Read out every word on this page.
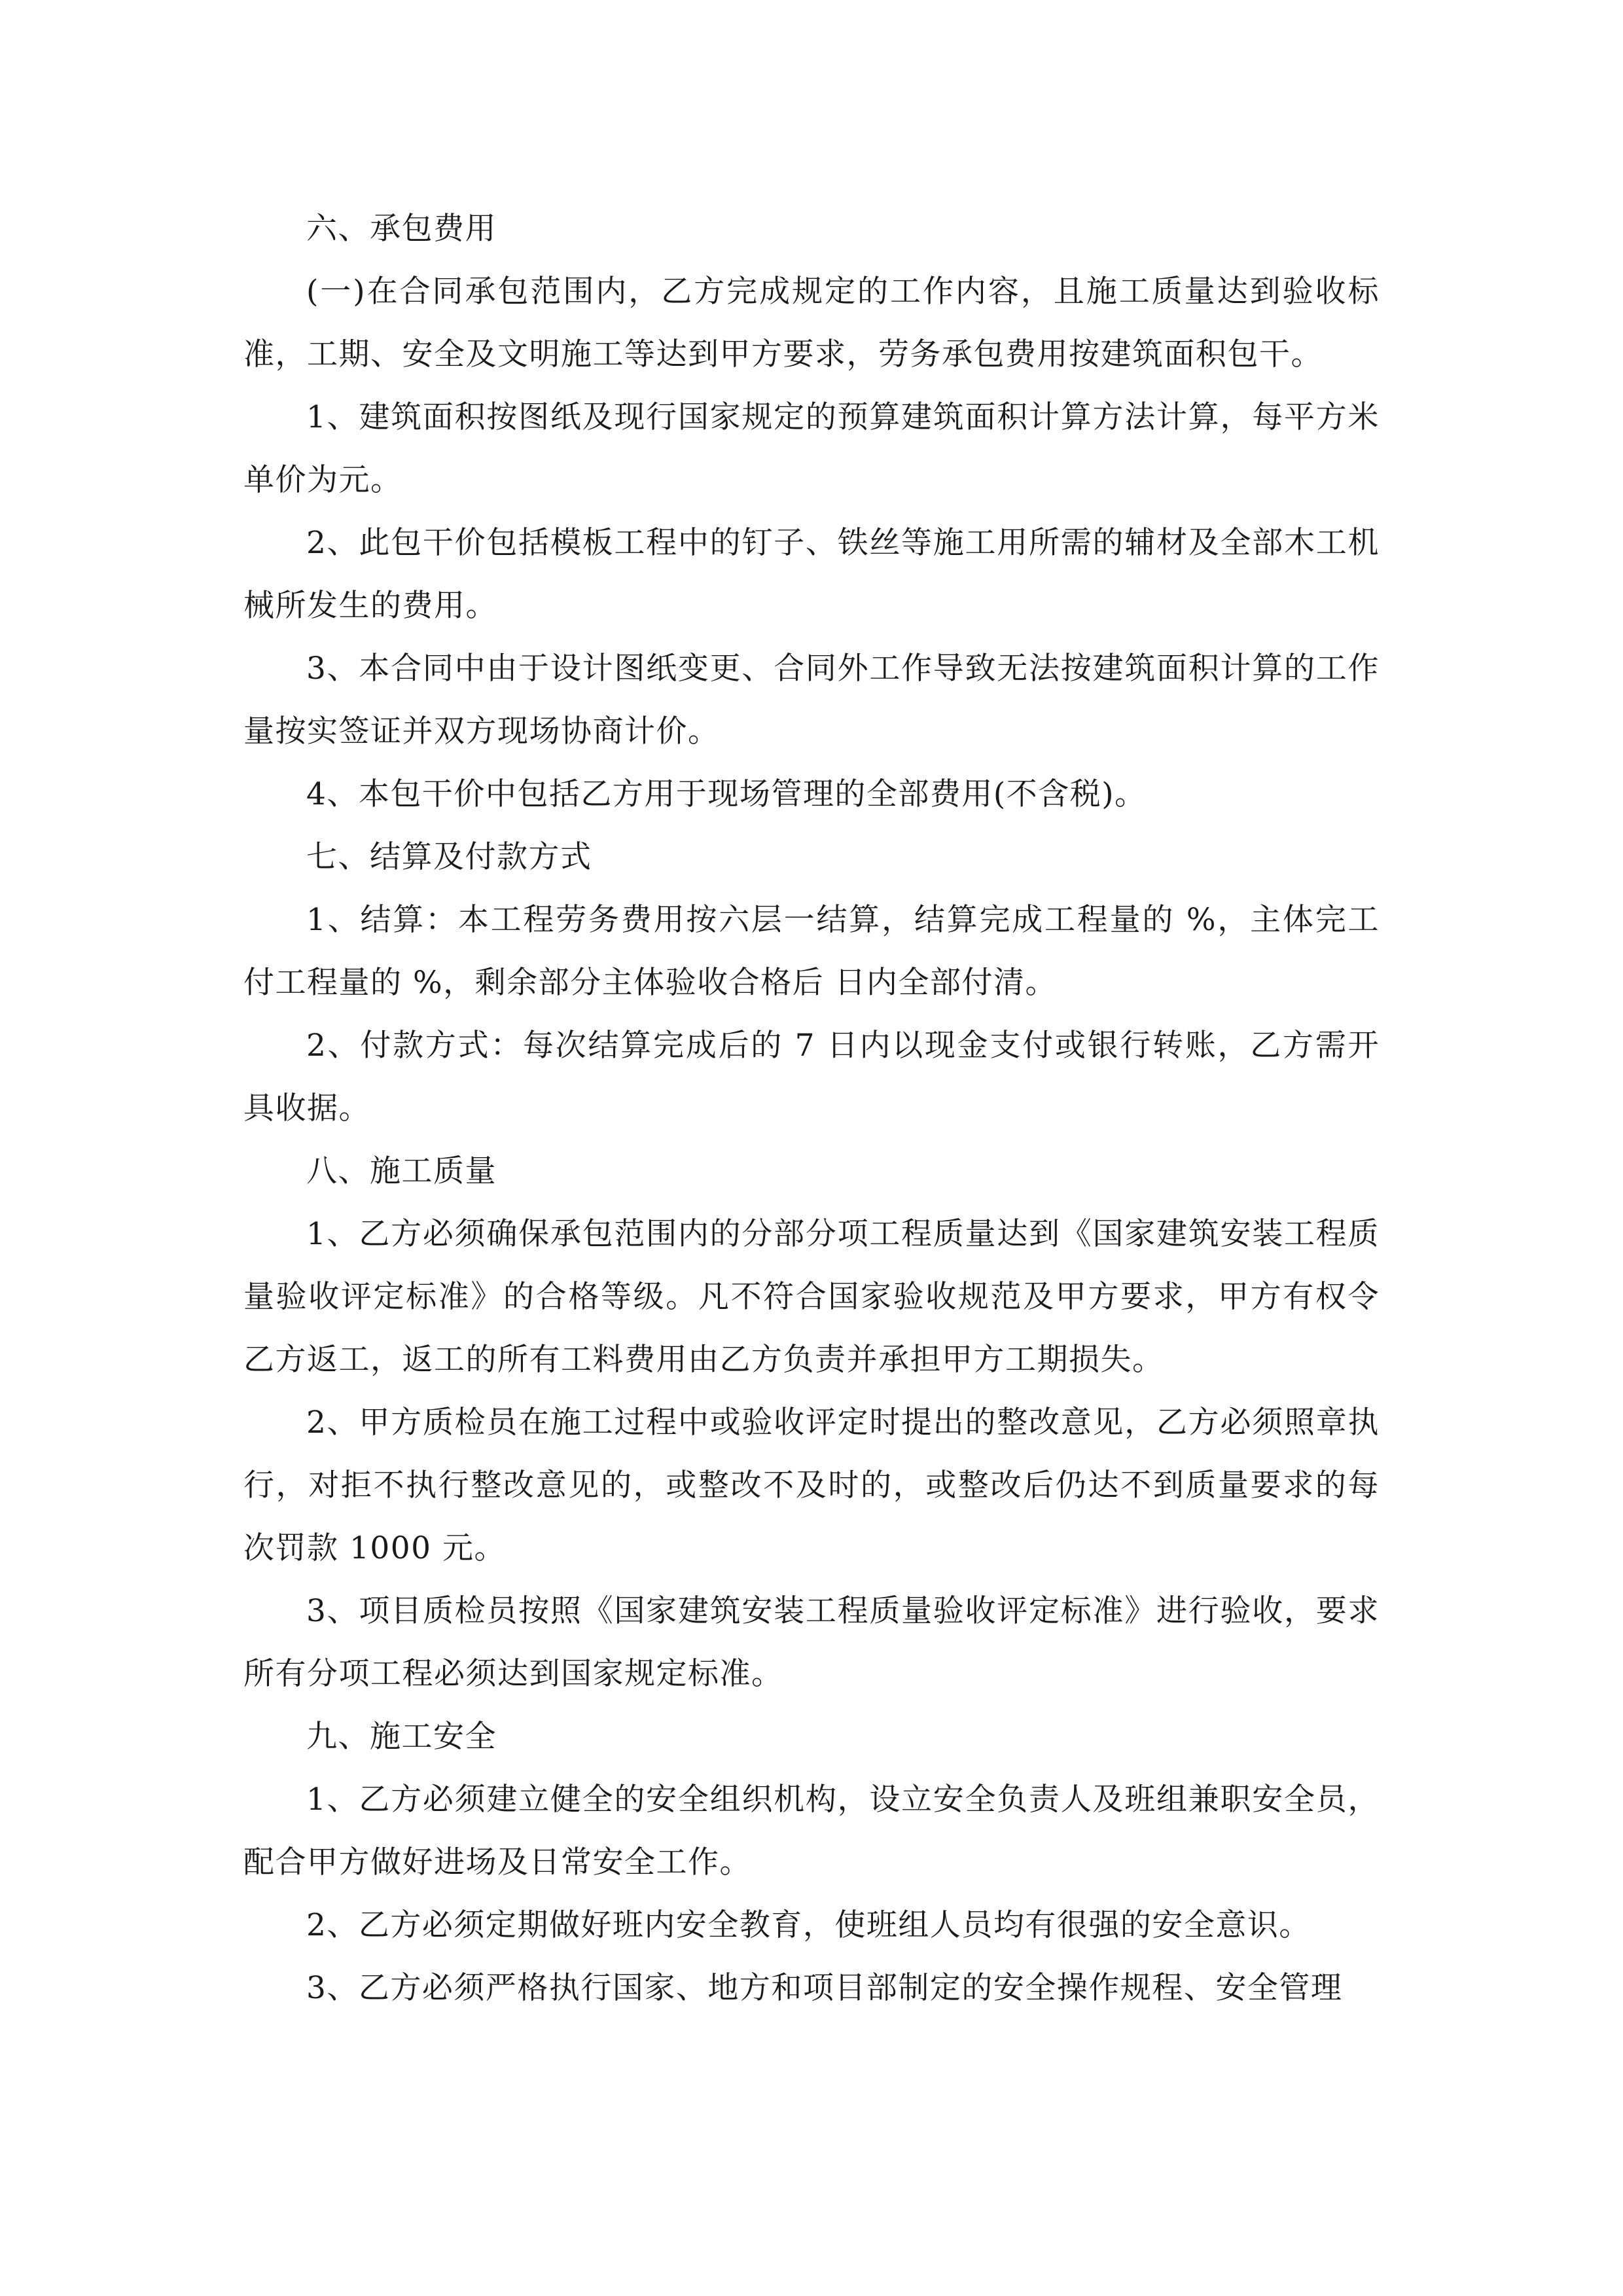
六、承包费用

(一)在合同承包范围内，乙方完成规定的工作内容，且施工质量达到验收标准，工期、安全及文明施工等达到甲方要求，劳务承包费用按建筑面积包干。

1、建筑面积按图纸及现行国家规定的预算建筑面积计算方法计算，每平方米单价为元。

2、此包干价包括模板工程中的钉子、铁丝等施工用所需的辅材及全部木工机械所发生的费用。

3、本合同中由于设计图纸变更、合同外工作导致无法按建筑面积计算的工作量按实签证并双方现场协商计价。

4、本包干价中包括乙方用于现场管理的全部费用(不含税)。

七、结算及付款方式

1、结算：本工程劳务费用按六层一结算，结算完成工程量的 %，主体完工付工程量的 %，剩余部分主体验收合格后 日内全部付清。

2、付款方式：每次结算完成后的 7 日内以现金支付或银行转账，乙方需开具收据。

八、施工质量

1、乙方必须确保承包范围内的分部分项工程质量达到《国家建筑安装工程质量验收评定标准》的合格等级。凡不符合国家验收规范及甲方要求，甲方有权令乙方返工，返工的所有工料费用由乙方负责并承担甲方工期损失。

2、甲方质检员在施工过程中或验收评定时提出的整改意见，乙方必须照章执行，对拒不执行整改意见的，或整改不及时的，或整改后仍达不到质量要求的每次罚款 1000 元。

3、项目质检员按照《国家建筑安装工程质量验收评定标准》进行验收，要求所有分项工程必须达到国家规定标准。

九、施工安全

1、乙方必须建立健全的安全组织机构，设立安全负责人及班组兼职安全员，配合甲方做好进场及日常安全工作。

2、乙方必须定期做好班内安全教育，使班组人员均有很强的安全意识。

3、乙方必须严格执行国家、地方和项目部制定的安全操作规程、安全管理
